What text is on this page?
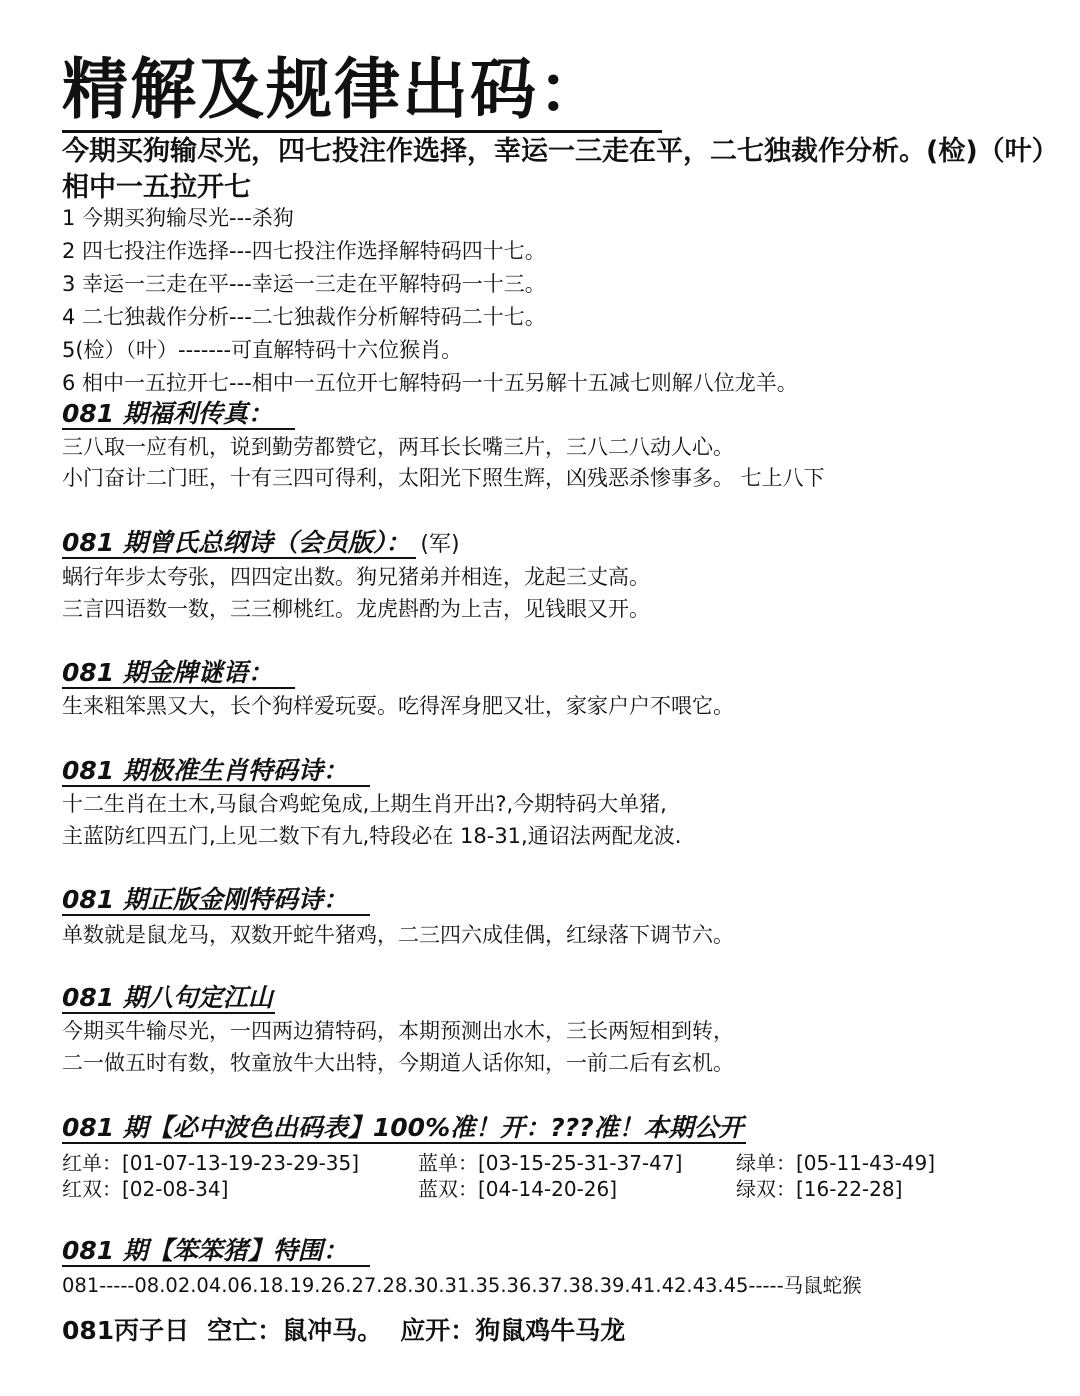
精解及规律出码：
今期买狗输尽光，四七投注作选择，幸运一三走在平，二七独裁作分析。(检)（叶）相中一五拉开七
1 今期买狗输尽光---杀狗
2 四七投注作选择---四七投注作选择解特码四十七。
3 幸运一三走在平---幸运一三走在平解特码一十三。
4 二七独裁作分析---二七独裁作分析解特码二十七。
5(检）（叶）-------可直解特码十六位猴肖。
6 相中一五拉开七---相中一五位开七解特码一十五另解十五减七则解八位龙羊。
081 期福利传真：
三八取一应有机，说到勤劳都赞它，两耳长长嘴三片，三八二八动人心。
小门奋计二门旺，十有三四可得利，太阳光下照生辉，凶残恶杀惨事多。 七上八下
081 期曾氏总纲诗（会员版）： (军)
蜗行年步太夸张，四四定出数。狗兄猪弟并相连，龙起三丈高。
三言四语数一数，三三柳桃红。龙虎斟酌为上吉，见钱眼又开。
081 期金牌谜语：
生来粗笨黑又大，长个狗样爱玩耍。吃得浑身肥又壮，家家户户不喂它。
081 期极准生肖特码诗：
十二生肖在土木,马鼠合鸡蛇兔成,上期生肖开出?,今期特码大单猪,
主蓝防红四五门,上见二数下有九,特段必在 18-31,通诏法两配龙波.
081 期正版金刚特码诗：
单数就是鼠龙马，双数开蛇牛猪鸡，二三四六成佳偶，红绿落下调节六。
081 期八句定江山
今期买牛输尽光，一四两边猜特码，本期预测出水木，三长两短相到转，
二一做五时有数，牧童放牛大出特，今期道人话你知，一前二后有玄机。
081 期【必中波色出码表】100%准！开：???准！本期公开
红单：[01-07-13-19-23-29-35]	蓝单：[03-15-25-31-37-47]	绿单：[05-11-43-49]
红双：[02-08-34]	蓝双：[04-14-20-26]	绿双：[16-22-28]
081 期【笨笨猪】特围：
081-----08.02.04.06.18.19.26.27.28.30.31.35.36.37.38.39.41.42.43.45-----马鼠蛇猴
081丙子日 空亡：鼠冲马。 应开：狗鼠鸡牛马龙
